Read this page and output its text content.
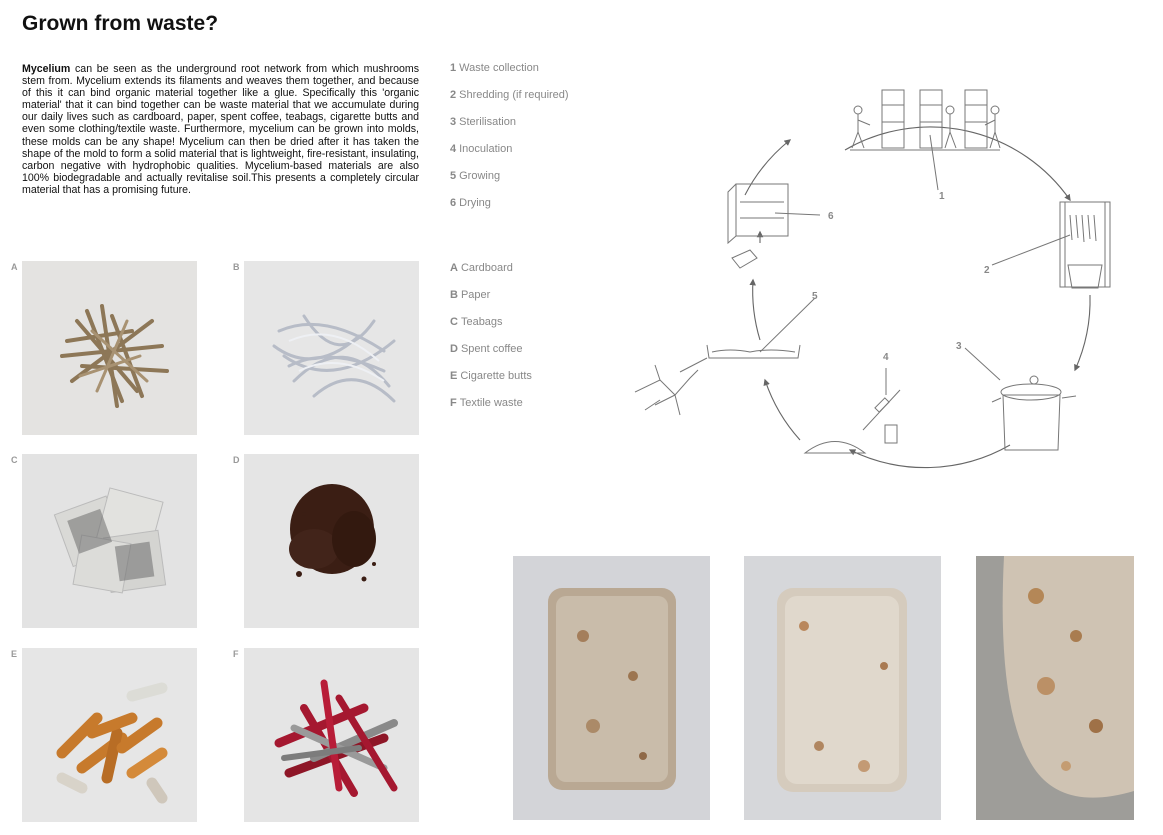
Grown from waste?

Mycelium can be seen as the underground root network from which mushrooms stem from. Mycelium extends its filaments and weaves them together, and because of this it can bind organic material together like a glue. Specifically this 'organic material' that it can bind together can be waste material that we accumulate during our daily lives such as cardboard, paper, spent coffee, teabags, cigarette butts and even some clothing/textile waste. Furthermore, mycelium can be grown into molds, these molds can be any shape! Mycelium can then be dried after it has taken the shape of the mold to form a solid material that is lightweight, fire-resistant, insulating, carbon negative with hydrophobic qualities. Mycelium-based materials are also 100% biodegradable and actually revitalise soil.This presents a completely circular material that has a promising future.

1 Waste collection
2 Shredding (if required)
3 Sterilisation
4 Inoculation
5 Growing
6 Drying
A Cardboard
B Paper
C Teabags
D Spent coffee
E Cigarette butts
F Textile waste
A	B
C	D
E	F
1
2
3
4
5
6
